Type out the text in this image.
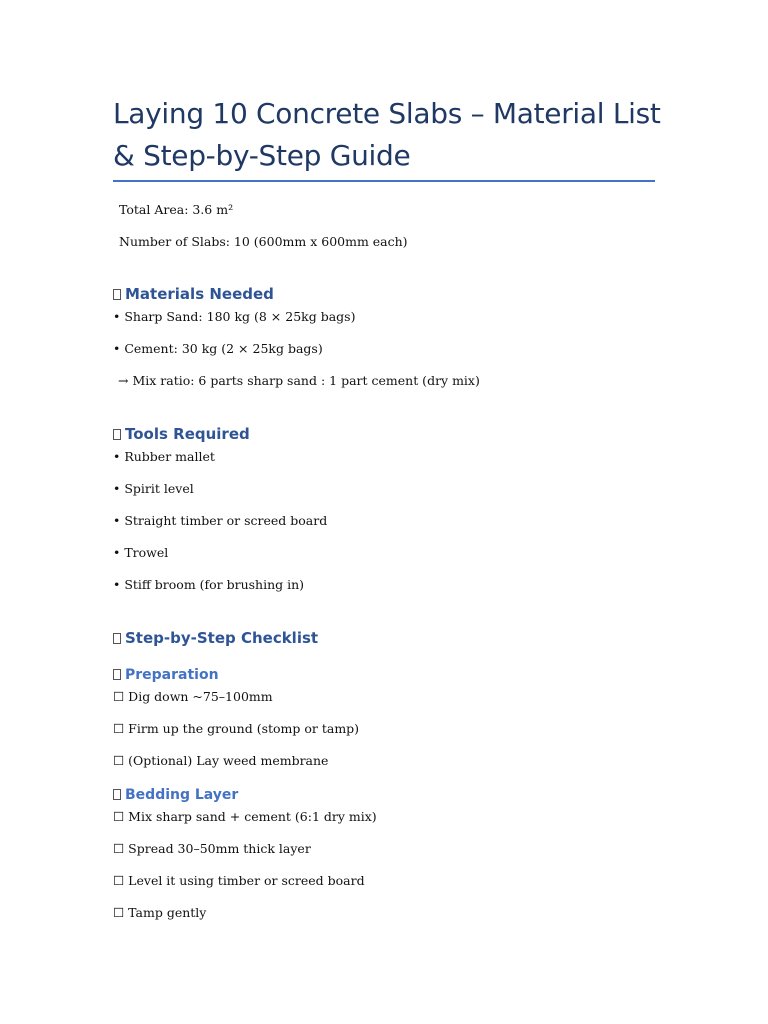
Laying 10 Concrete Slabs – Material List & Step-by-Step Guide

Total Area: 3.6 m²

Number of Slabs: 10 (600mm x 600mm each)

Materials Needed

• Sharp Sand: 180 kg (8 × 25kg bags)

• Cement: 30 kg (2 × 25kg bags)

→ Mix ratio: 6 parts sharp sand : 1 part cement (dry mix)

Tools Required

• Rubber mallet

• Spirit level

• Straight timber or screed board

• Trowel

• Stiff broom (for brushing in)

Step-by-Step Checklist
Preparation

☐ Dig down ~75–100mm

☐ Firm up the ground (stomp or tamp)

☐ (Optional) Lay weed membrane

Bedding Layer

☐ Mix sharp sand + cement (6:1 dry mix)

☐ Spread 30–50mm thick layer

☐ Level it using timber or screed board

☐ Tamp gently
